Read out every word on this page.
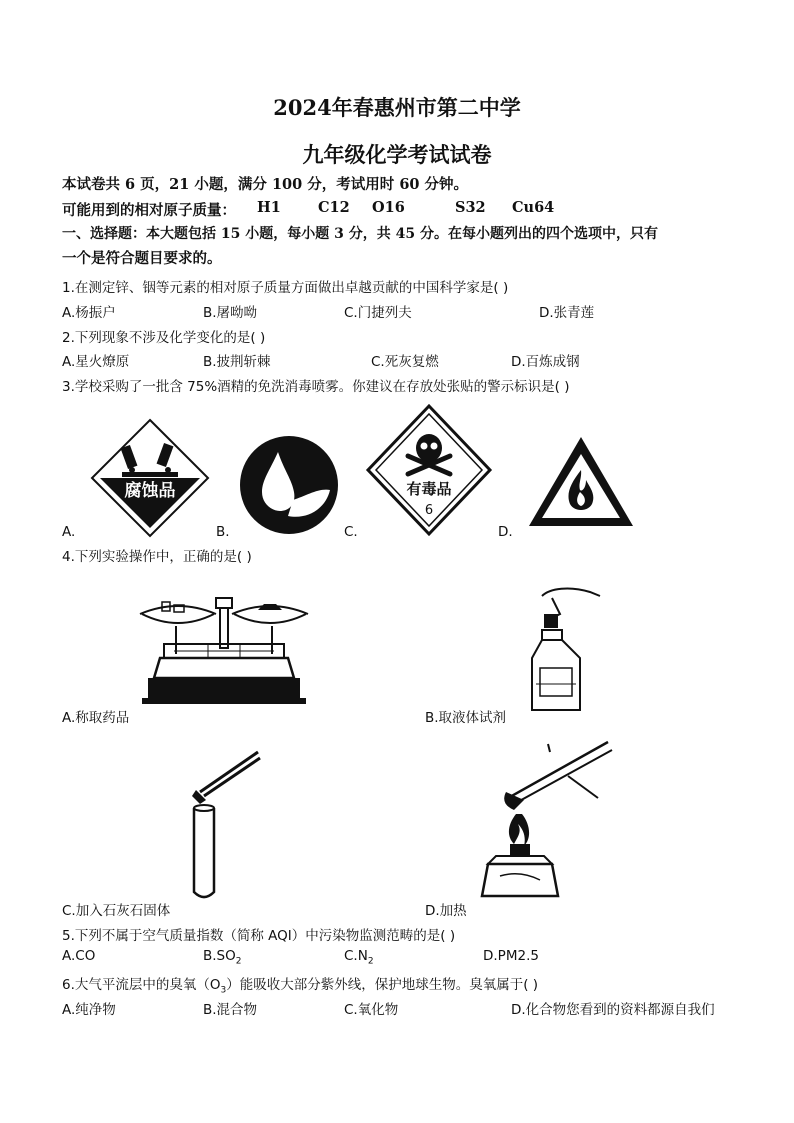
2024年春惠州市第二中学
九年级化学考试试卷
本试卷共 6 页，21 小题，满分 100 分，考试用时 60 分钟。
可能用到的相对原子质量： H1	C12 O16	S32 Cu64
一、选择题：本大题包括 15 小题，每小题 3 分，共 45 分。在每小题列出的四个选项中，只有
一个是符合题目要求的。
1.在测定锌、铟等元素的相对原子质量方面做出卓越贡献的中国科学家是( )
A.杨振户	B.屠呦呦	C.门捷列夫	D.张青莲
2.下列现象不涉及化学变化的是( )
A.星火燎原	B.披荆斩棘	C.死灰复燃	D.百炼成钢
3.学校采购了一批含 75%酒精的免洗消毒喷雾。你建议在存放处张贴的警示标识是( )
腐蚀品
A.	B.
有毒品
6
C.	D.
4.下列实验操作中，正确的是( )
A.称取药品	B.取液体试剂
C.加入石灰石固体	D.加热
5.下列不属于空气质量指数（简称 AQI）中污染物监测范畴的是( )
A.CO	$B.SO_2$	$C.N_2$	D.PM2.5
6.大气平流层中的臭氧$(O_3)$能吸收大部分紫外线，保护地球生物。臭氧属于( )
A.纯净物	B.混合物	C.氧化物	D.化合物您看到的资料都源自我们
